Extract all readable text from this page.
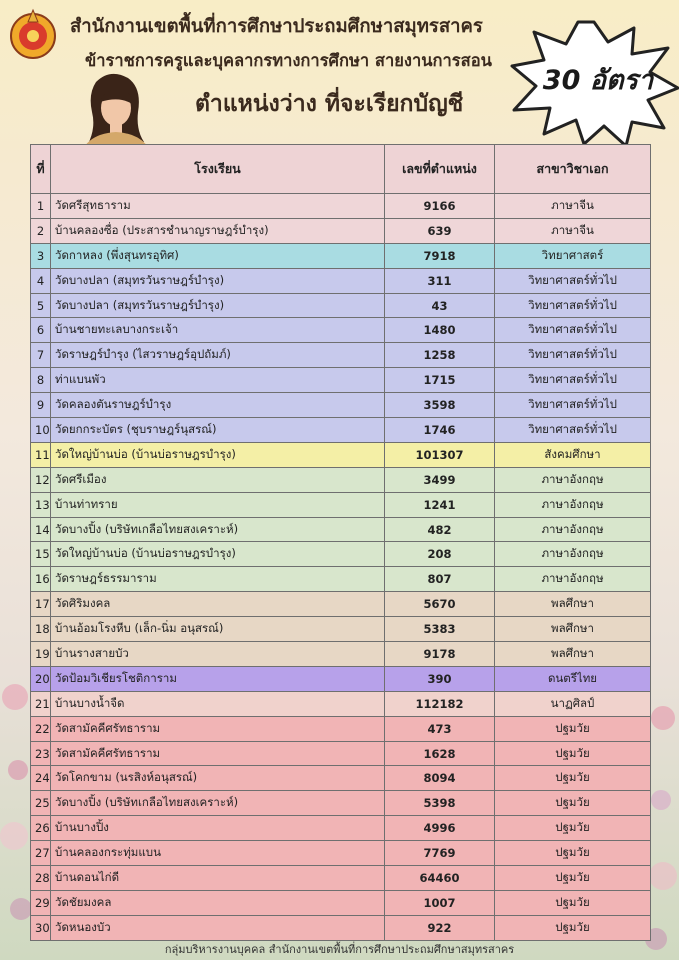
สำนักงานเขตพื้นที่การศึกษาประถมศึกษาสมุทรสาคร
ข้าราชการครูและบุคลากรทางการศึกษา สายงานการสอน
ตำแหน่งว่าง ที่จะเรียกบัญชี
30 อัตรา
ที่	โรงเรียน	เลขที่ตำแหน่ง	สาขาวิชาเอก
1	วัดศรีสุทธาราม	9166	ภาษาจีน
2	บ้านคลองซื่อ (ประสารชำนาญราษฎร์บำรุง)	639	ภาษาจีน
3	วัดกาหลง (พึ่งสุนทรอุทิศ)	7918	วิทยาศาสตร์
4	วัดบางปลา (สมุทรวันราษฎร์บำรุง)	311	วิทยาศาสตร์ทั่วไป
5	วัดบางปลา (สมุทรวันราษฎร์บำรุง)	43	วิทยาศาสตร์ทั่วไป
6	บ้านชายทะเลบางกระเจ้า	1480	วิทยาศาสตร์ทั่วไป
7	วัดราษฎร์บำรุง (ไสวราษฎร์อุปถัมภ์)	1258	วิทยาศาสตร์ทั่วไป
8	ท่าแบนพัว	1715	วิทยาศาสตร์ทั่วไป
9	วัดคลองตันราษฎร์บำรุง	3598	วิทยาศาสตร์ทั่วไป
10	วัดยกกระบัตร (ชุบราษฎร์นุสรณ์)	1746	วิทยาศาสตร์ทั่วไป
11	วัดใหญ่บ้านบ่อ (บ้านบ่อราษฎรบำรุง)	101307	สังคมศึกษา
12	วัดศรีเมือง	3499	ภาษาอังกฤษ
13	บ้านท่าทราย	1241	ภาษาอังกฤษ
14	วัดบางปิ้ง (บริษัทเกลือไทยสงเคราะห์)	482	ภาษาอังกฤษ
15	วัดใหญ่บ้านบ่อ (บ้านบ่อราษฎรบำรุง)	208	ภาษาอังกฤษ
16	วัดราษฎร์ธรรมาราม	807	ภาษาอังกฤษ
17	วัดศิริมงคล	5670	พลศึกษา
18	บ้านอ้อมโรงหีบ (เล็ก-นิ่ม อนุสรณ์)	5383	พลศึกษา
19	บ้านรางสายบัว	9178	พลศึกษา
20	วัดป้อมวิเชียรโชติการาม	390	ดนตรีไทย
21	บ้านบางน้ำจืด	112182	นาฏศิลป์
22	วัดสามัคคีศรัทธาราม	473	ปฐมวัย
23	วัดสามัคคีศรัทธาราม	1628	ปฐมวัย
24	วัดโคกขาม (นรสิงห์อนุสรณ์)	8094	ปฐมวัย
25	วัดบางปิ้ง (บริษัทเกลือไทยสงเคราะห์)	5398	ปฐมวัย
26	บ้านบางปิ้ง	4996	ปฐมวัย
27	บ้านคลองกระทุ่มแบน	7769	ปฐมวัย
28	บ้านดอนไก่ดี	64460	ปฐมวัย
29	วัดชัยมงคล	1007	ปฐมวัย
30	วัดหนองบัว	922	ปฐมวัย
กลุ่มบริหารงานบุคคล สำนักงานเขตพื้นที่การศึกษาประถมศึกษาสมุทรสาคร
